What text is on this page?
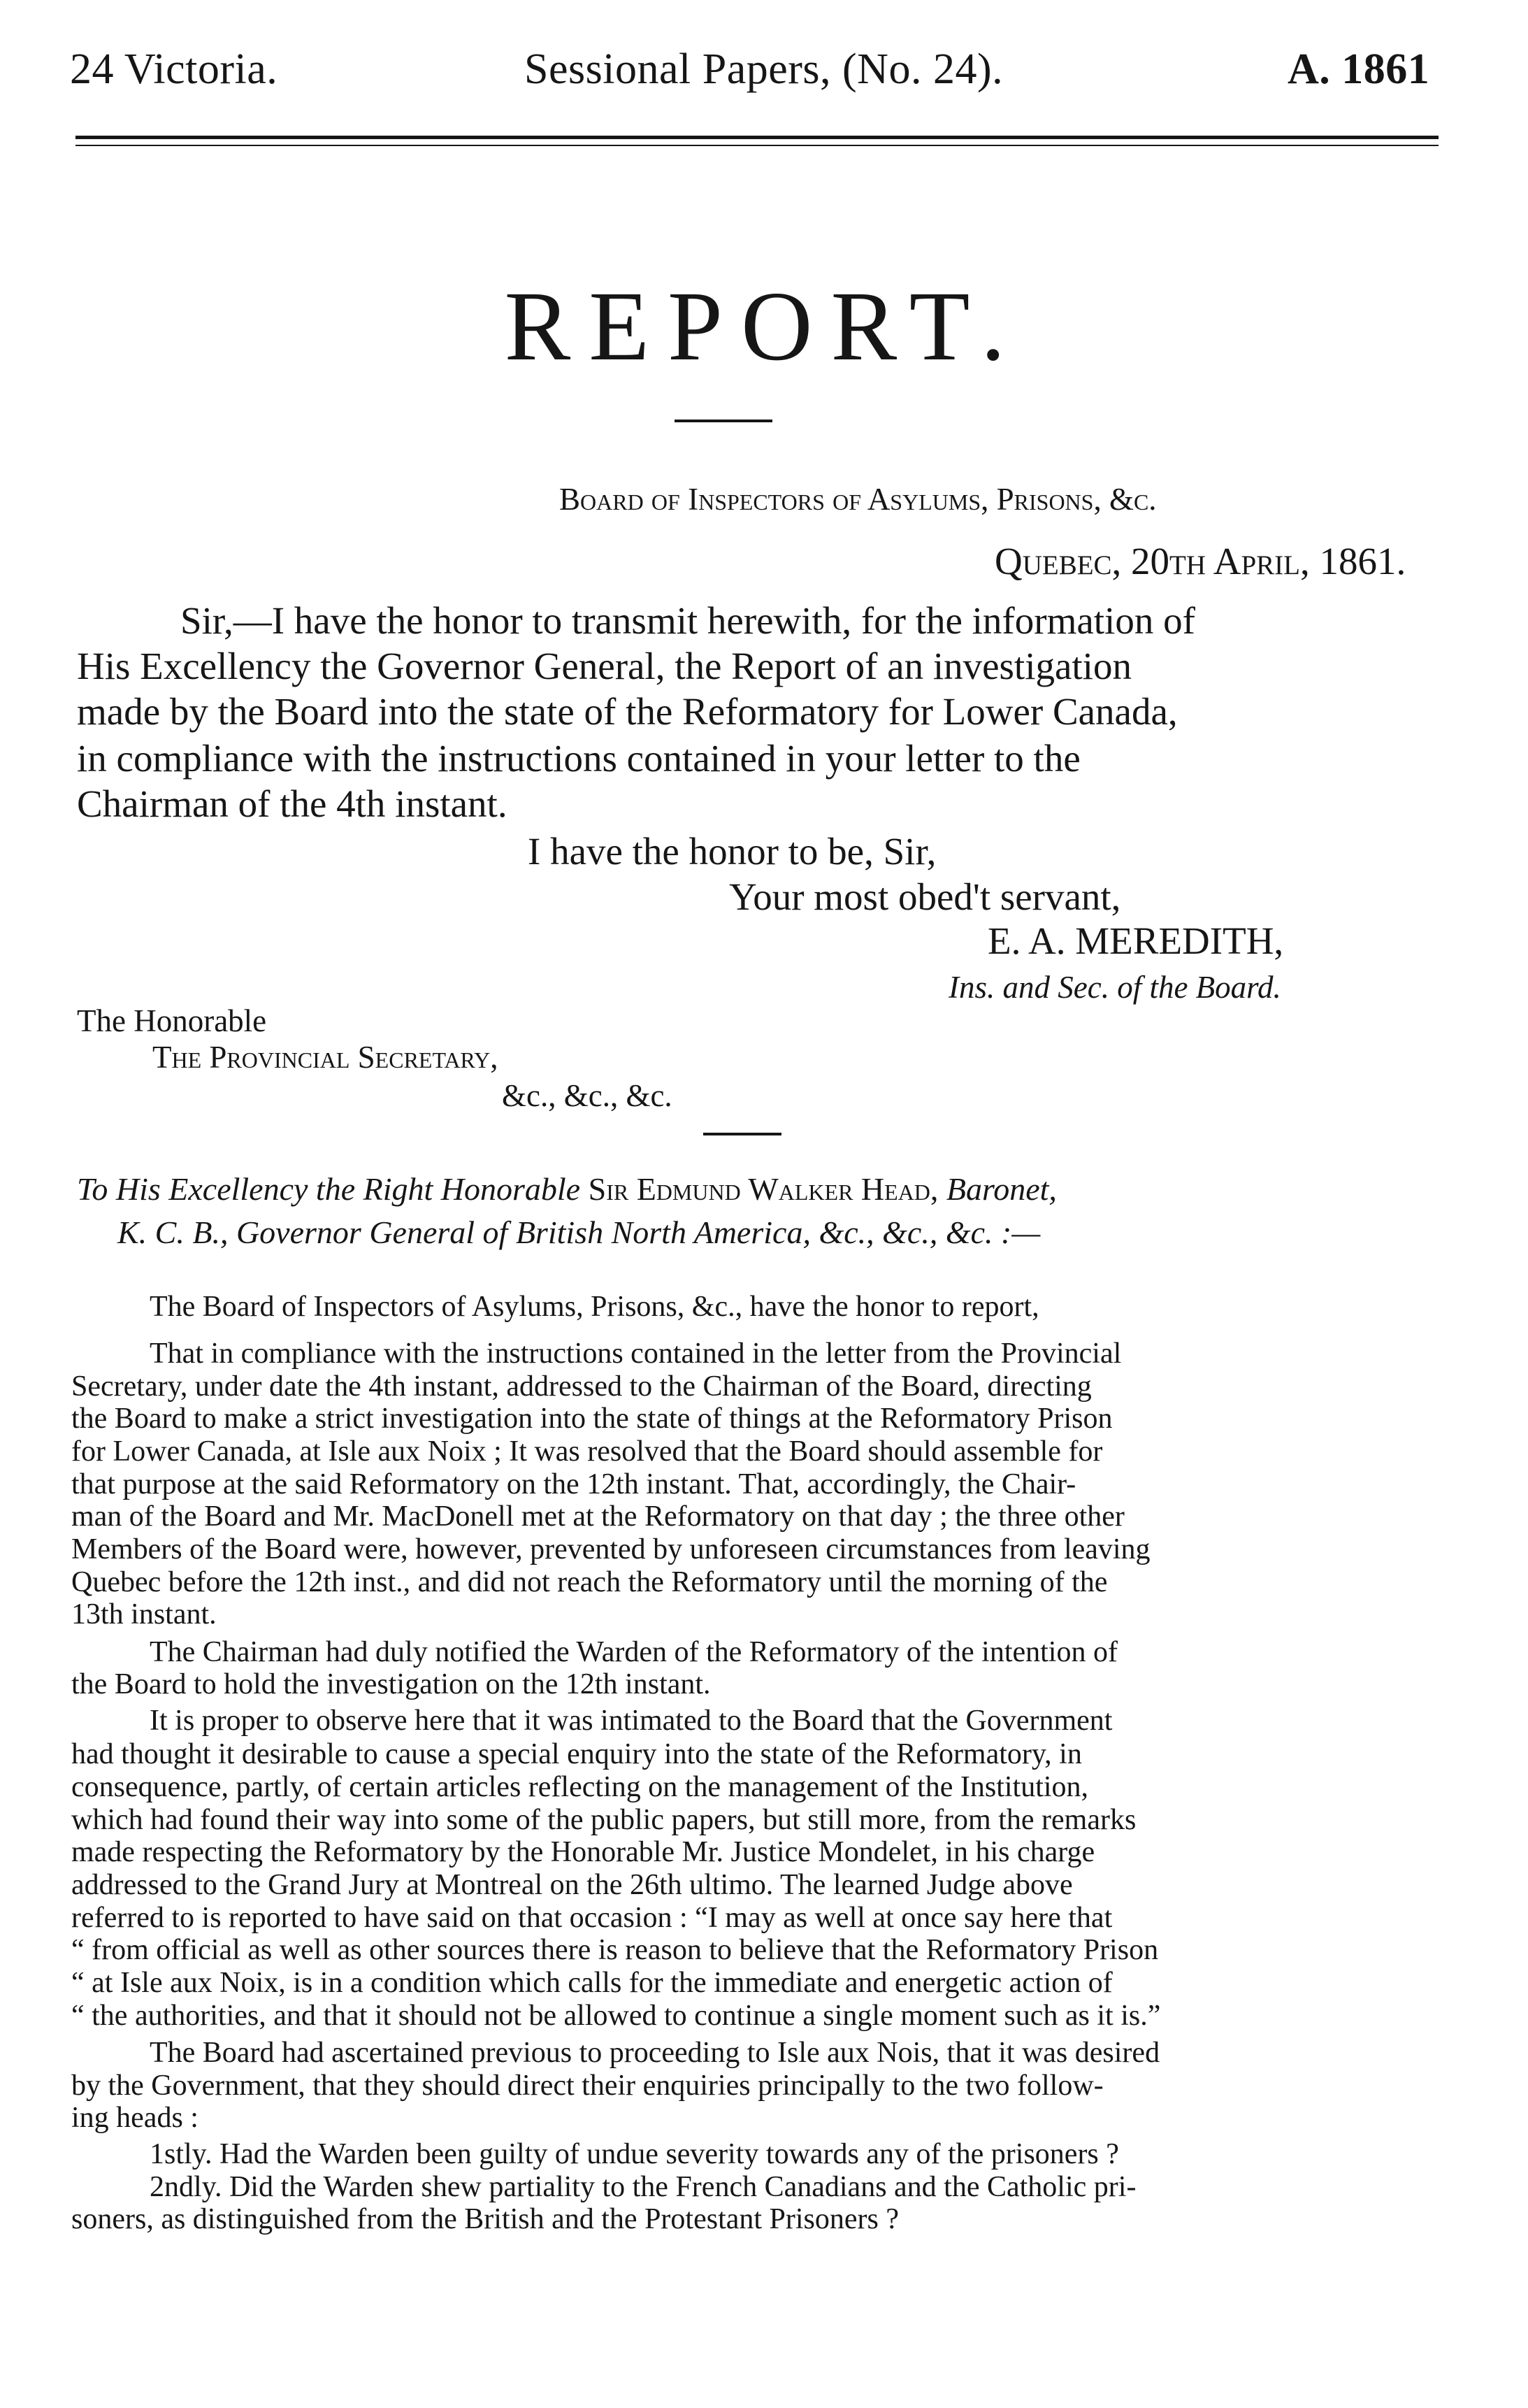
24 Victoria.	Sessional Papers, (No. 24).	A. 1861
REPORT.
Board of Inspectors of Asylums, Prisons, &c.
Quebec, 20th April, 1861.
Sir,—I have the honor to transmit herewith, for the information of
His Excellency the Governor General, the Report of an investigation
made by the Board into the state of the Reformatory for Lower Canada,
in compliance with the instructions contained in your letter to the
Chairman of the 4th instant.
I have the honor to be, Sir,
Your most obed't servant,
E. A. MEREDITH,
Ins. and Sec. of the Board.
The Honorable
The Provincial Secretary,
&c., &c., &c.
To His Excellency the Right Honorable Sir Edmund Walker Head, Baronet,
K. C. B., Governor General of British North America, &c., &c., &c. :—
The Board of Inspectors of Asylums, Prisons, &c., have the honor to report,
That in compliance with the instructions contained in the letter from the Provincial
Secretary, under date the 4th instant, addressed to the Chairman of the Board, directing
the Board to make a strict investigation into the state of things at the Reformatory Prison
for Lower Canada, at Isle aux Noix ; It was resolved that the Board should assemble for
that purpose at the said Reformatory on the 12th instant. That, accordingly, the Chair-
man of the Board and Mr. MacDonell met at the Reformatory on that day ; the three other
Members of the Board were, however, prevented by unforeseen circumstances from leaving
Quebec before the 12th inst., and did not reach the Reformatory until the morning of the
13th instant.
The Chairman had duly notified the Warden of the Reformatory of the intention of
the Board to hold the investigation on the 12th instant.
It is proper to observe here that it was intimated to the Board that the Government
had thought it desirable to cause a special enquiry into the state of the Reformatory, in
consequence, partly, of certain articles reflecting on the management of the Institution,
which had found their way into some of the public papers, but still more, from the remarks
made respecting the Reformatory by the Honorable Mr. Justice Mondelet, in his charge
addressed to the Grand Jury at Montreal on the 26th ultimo. The learned Judge above
referred to is reported to have said on that occasion : “I may as well at once say here that
“ from official as well as other sources there is reason to believe that the Reformatory Prison
“ at Isle aux Noix, is in a condition which calls for the immediate and energetic action of
“ the authorities, and that it should not be allowed to continue a single moment such as it is.”
The Board had ascertained previous to proceeding to Isle aux Nois, that it was desired
by the Government, that they should direct their enquiries principally to the two follow-
ing heads :
1stly. Had the Warden been guilty of undue severity towards any of the prisoners ?
2ndly. Did the Warden shew partiality to the French Canadians and the Catholic pri-
soners, as distinguished from the British and the Protestant Prisoners ?
